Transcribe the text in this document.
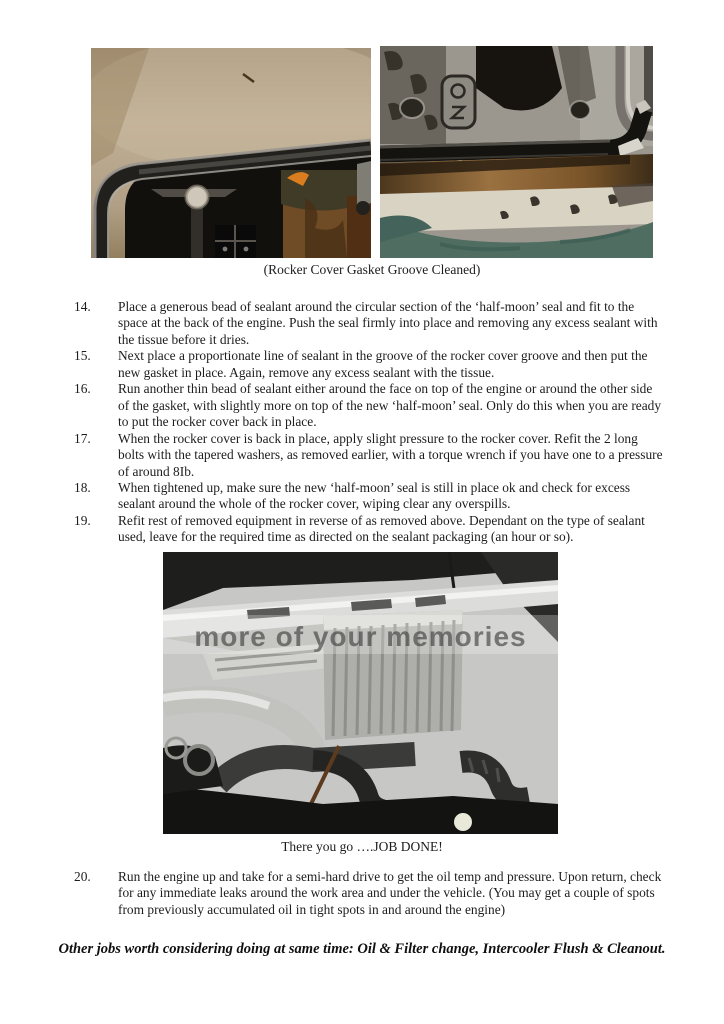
(Rocker Cover Gasket Groove Cleaned)
14.	Place a generous bead of sealant around the circular section of the ‘half-moon’ seal and fit to the space at the back of the engine. Push the seal firmly into place and removing any excess sealant with the tissue before it dries.
15.	Next place a proportionate line of sealant in the groove of the rocker cover groove and then put the new gasket in place. Again, remove any excess sealant with the tissue.
16.	Run another thin bead of sealant either around the face on top of the engine or around the other side of the gasket, with slightly more on top of the new ‘half-moon’ seal. Only do this when you are ready to put the rocker cover back in place.
17.	When the rocker cover is back in place, apply slight pressure to the rocker cover. Refit the 2 long bolts with the tapered washers, as removed earlier, with a torque wrench if you have one to a pressure of around 8Ib.
18.	When tightened up, make sure the new ‘half-moon’ seal is still in place ok and check for excess sealant around the whole of the rocker cover, wiping clear any overspills.
19.	Refit rest of removed equipment in reverse of as removed above. Dependant on the type of sealant used, leave for the required time as directed on the sealant packaging (an hour or so).
more of your memories
There you go ….JOB DONE!
20.	Run the engine up and take for a semi-hard drive to get the oil temp and pressure. Upon return, check for any immediate leaks around the work area and under the vehicle. (You may get a couple of spots from previously accumulated oil in tight spots in and around the engine)
Other jobs worth considering doing at same time: Oil & Filter change, Intercooler Flush & Cleanout.
